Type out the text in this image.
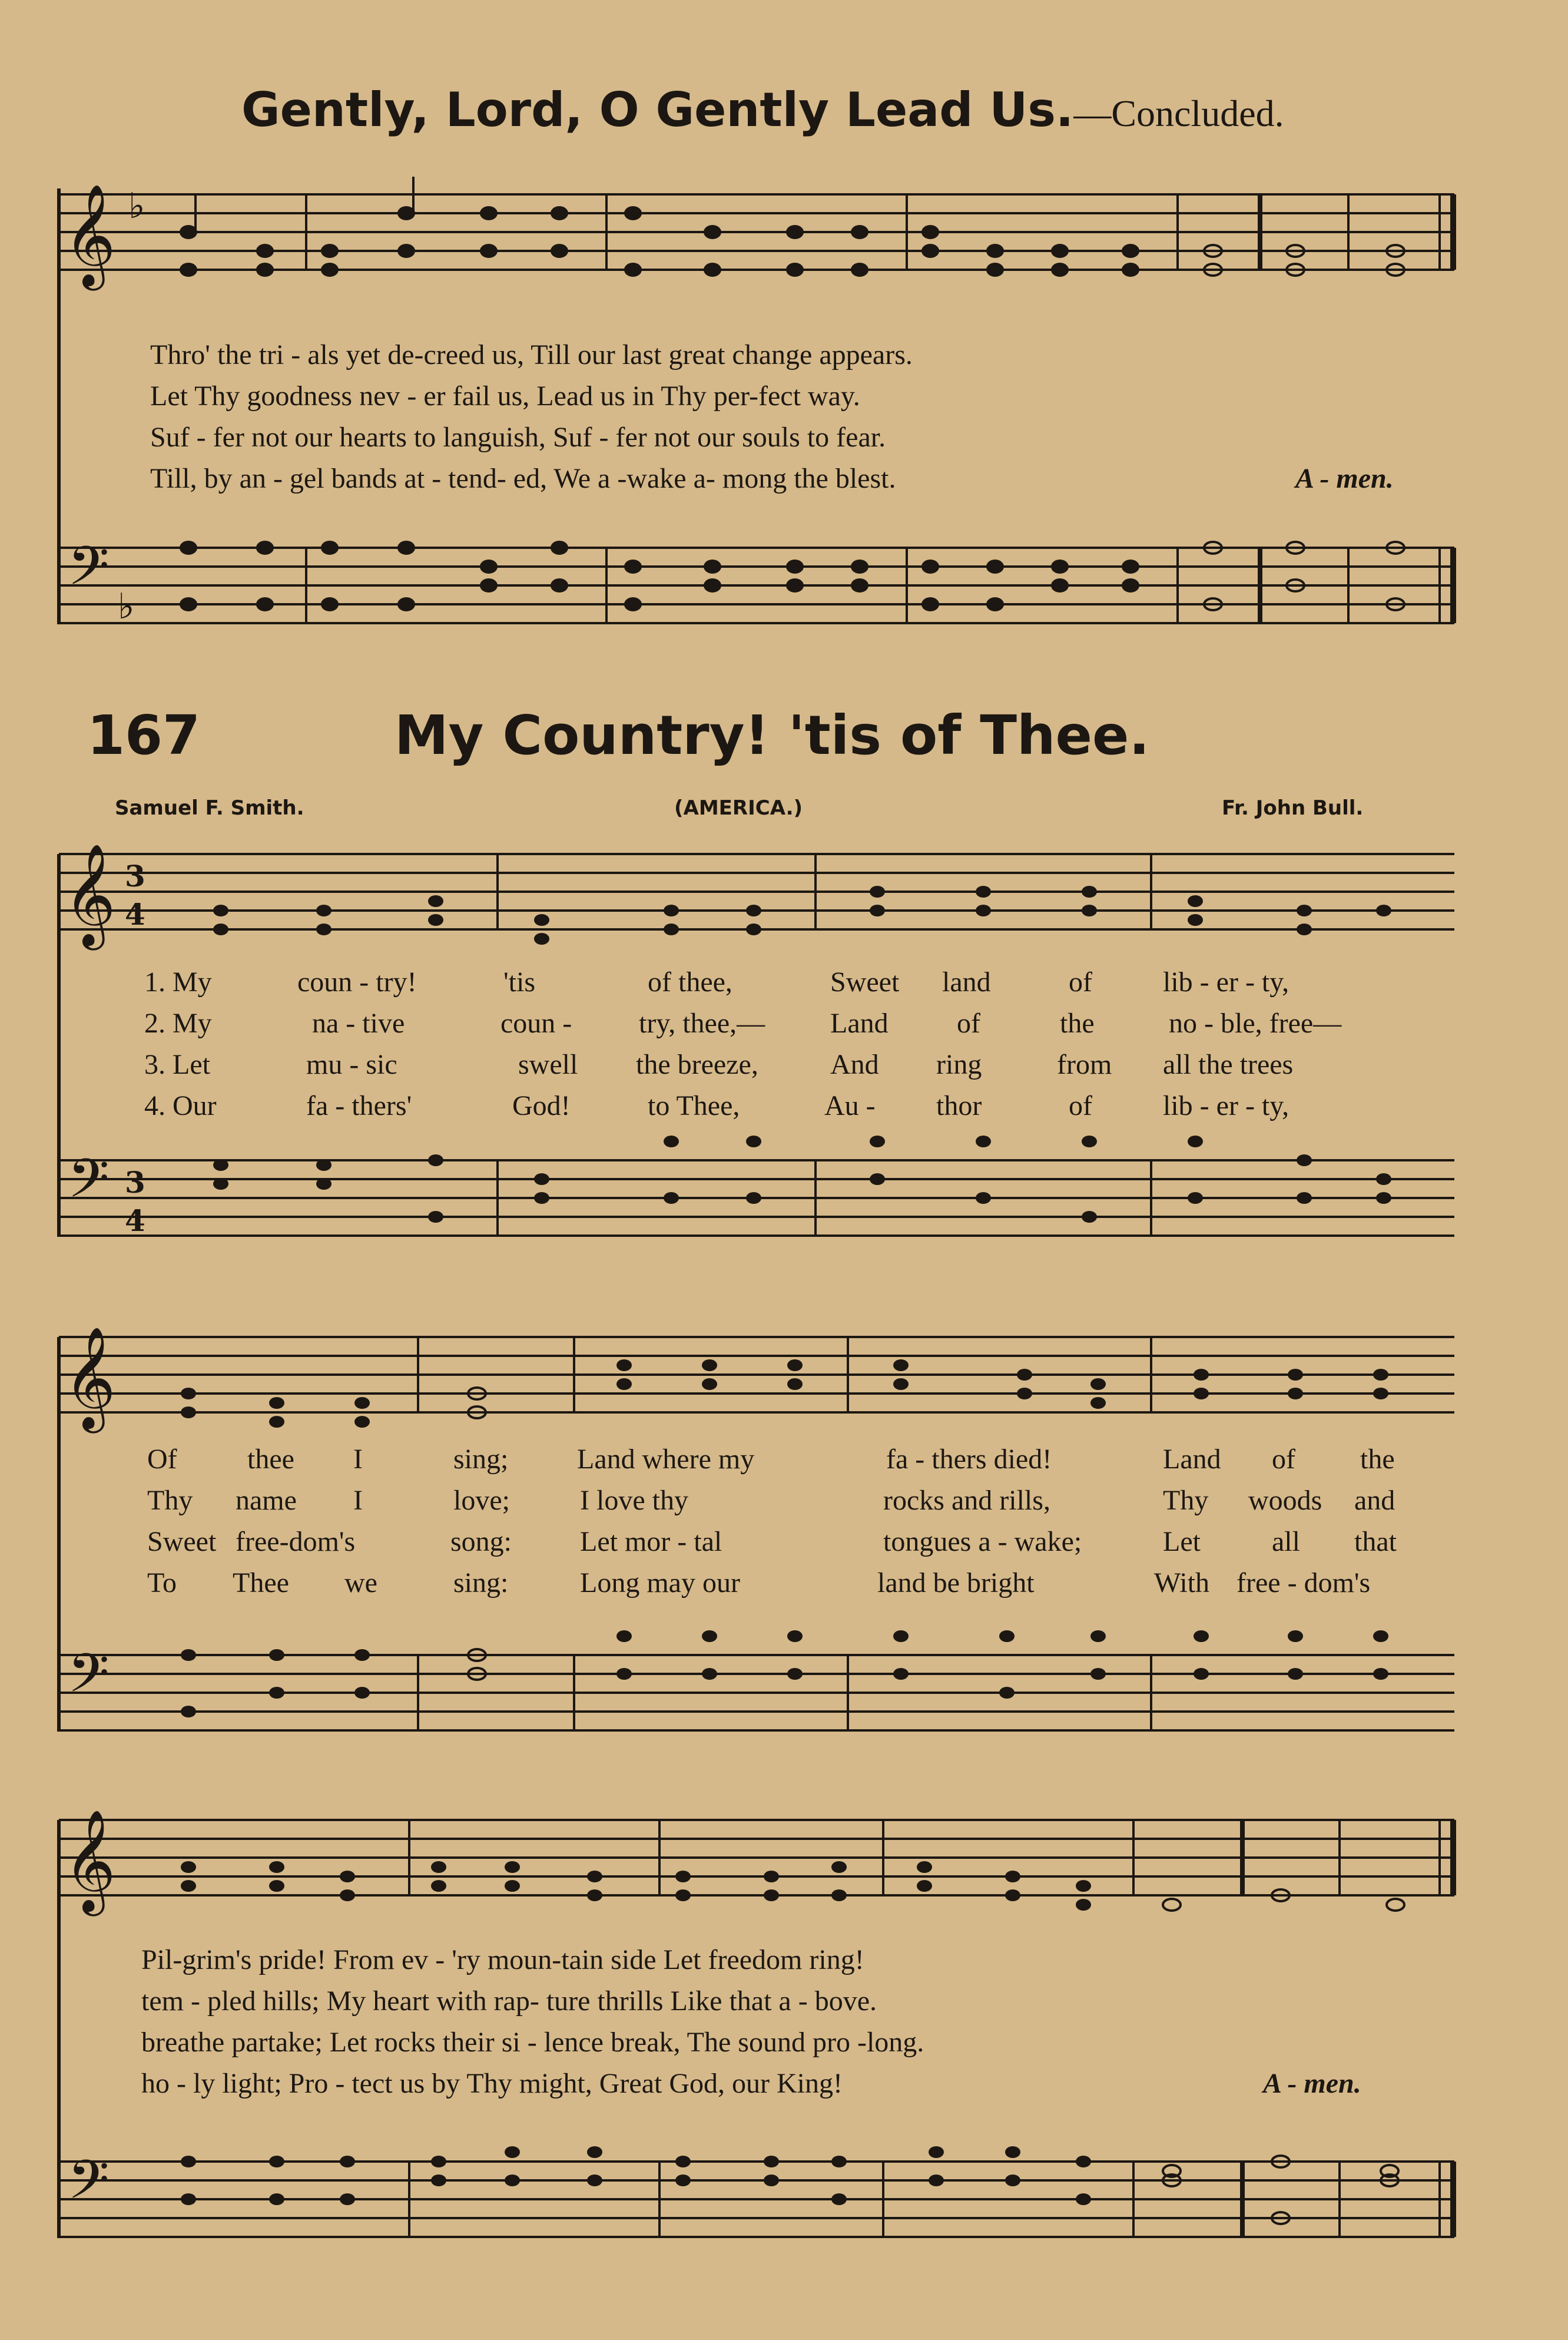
Gently, Lord, O Gently Lead Us.—Concluded.
𝄞
𝄢
♭
♭
Thro' the tri - als yet de-creed us, Till our last great change appears.
Let Thy goodness nev - er fail us, Lead us in Thy per-fect way.
Suf - fer not our hearts to languish, Suf - fer not our souls to fear.
Till, by an - gel bands at - tend- ed, We a -wake a- mong the blest.	A - men.
167	My Country! 'tis of Thee.
Samuel F. Smith.	(AMERICA.)	Fr. John Bull.
𝄞
𝄢
3
4
3
4
1. My	coun - try!	'tis	of thee,	Sweet land	of	lib - er - ty,
2. My	na - tive	coun - try, thee,— Land of	the	no - ble, free—
3. Let	mu - sic	swell the breeze,	And ring	from all the trees
4. Our	fa - thers'	God!	to Thee,	Au - thor	of	lib - er - ty,
𝄞
𝄢
Of thee I	sing; Land where my	fa - thers died!	Land of the
Thy name I	love; I love thy	rocks and rills,	Thy woods and
Sweet free-dom's	song: Let mor - tal	tongues a - wake;	Let	all that
To Thee we	sing:	Long may our	land be bright	With free - dom's
𝄞
𝄢
Pil-grim's pride! From ev - 'ry moun-tain side Let freedom ring!
tem - pled hills; My heart with rap- ture thrills Like that a - bove.
breathe partake; Let rocks their si - lence break, The sound pro -long.
ho - ly light; Pro - tect us by Thy might, Great God, our King!	A - men.
